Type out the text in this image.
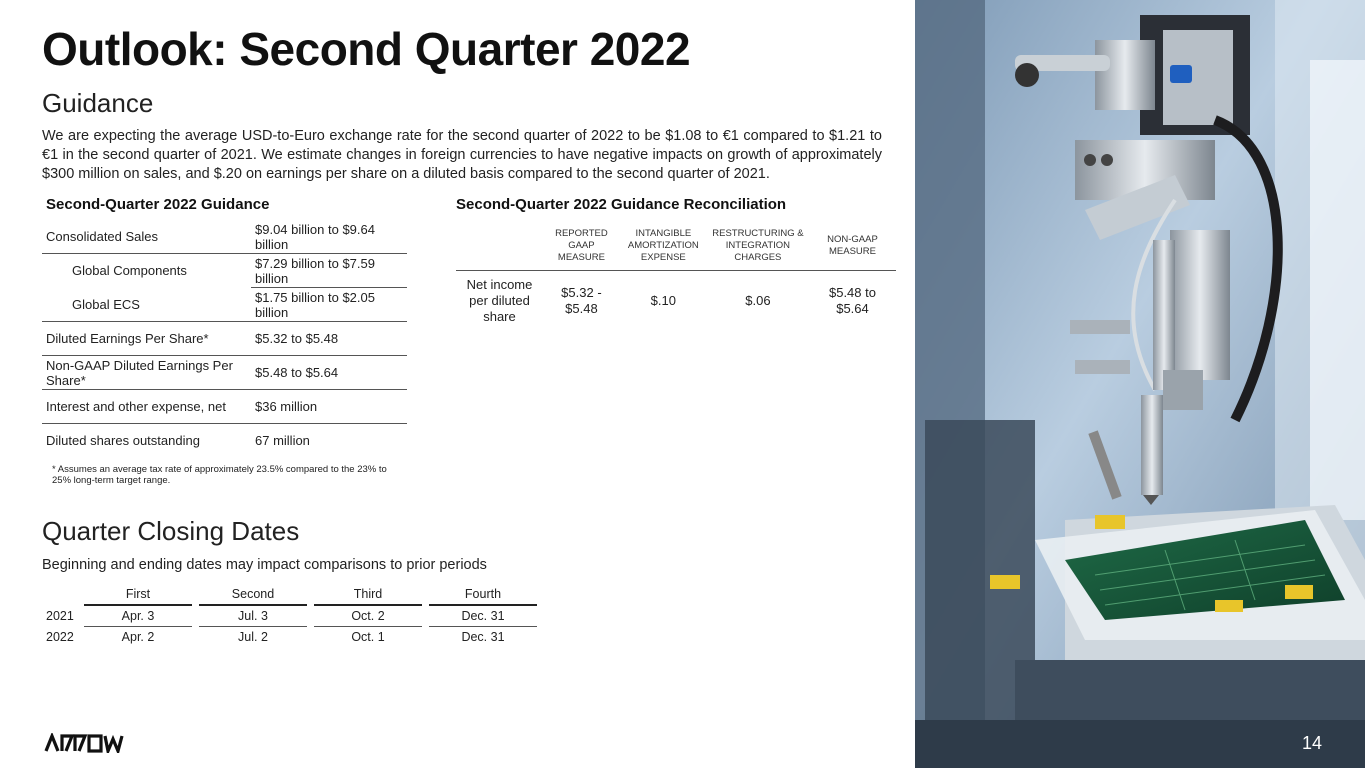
Outlook: Second Quarter 2022
Guidance

We are expecting the average USD-to-Euro exchange rate for the second quarter of 2022 to be $1.08 to €1 compared to $1.21 to €1 in the second quarter of 2021. We estimate changes in foreign currencies to have negative impacts on growth of approximately $300 million on sales, and $.20 on earnings per share on a diluted basis compared to the second quarter of 2021.

Second-Quarter 2022 Guidance
Consolidated Sales	$9.04 billion to $9.64 billion
Global Components	$7.29 billion to $7.59 billion
Global ECS	$1.75 billion to $2.05 billion
Diluted Earnings Per Share*	$5.32 to $5.48
Non-GAAP Diluted Earnings Per Share*	$5.48 to $5.64
Interest and other expense, net	$36 million
Diluted shares outstanding	67 million
* Assumes an average tax rate of approximately 23.5% compared to the 23% to 25% long-term target range.
Second-Quarter 2022 Guidance Reconciliation
	REPORTED GAAP MEASURE	INTANGIBLE AMORTIZATION EXPENSE	RESTRUCTURING & INTEGRATION CHARGES	NON-GAAP MEASURE
Net income per diluted share	$5.32 - $5.48	$.10	$.06	$5.48 to $5.64
Quarter Closing Dates

Beginning and ending dates may impact comparisons to prior periods

	First		Second		Third		Fourth
2021	Apr. 3		Jul. 3		Oct. 2		Dec. 31
2022	Apr. 2		Jul. 2		Oct. 1		Dec. 31
14
